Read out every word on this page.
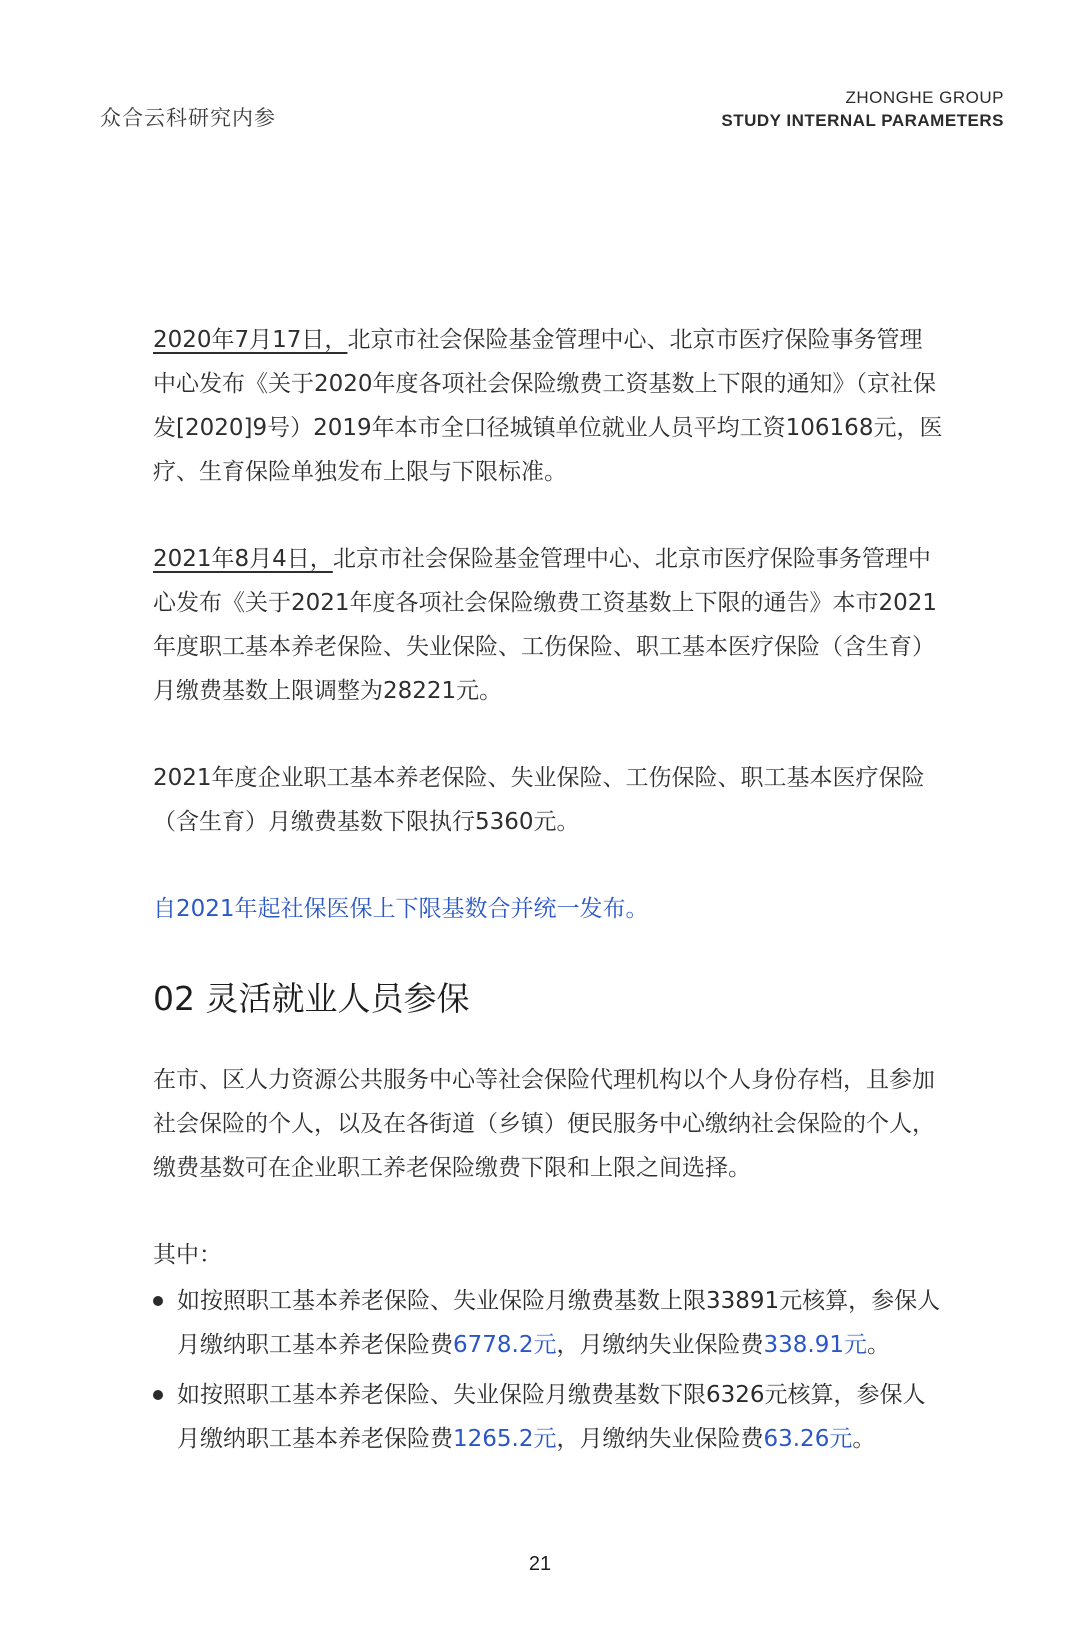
众合云科研究内参
ZHONGHE GROUP
STUDY INTERNAL PARAMETERS

2020年7月17日，北京市社会保险基金管理中心、北京市医疗保险事务管理中心发布《关于2020年度各项社会保险缴费工资基数上下限的通知》（京社保发[2020]9号）2019年本市全口径城镇单位就业人员平均工资106168元，医疗、生育保险单独发布上限与下限标准。

2021年8月4日，北京市社会保险基金管理中心、北京市医疗保险事务管理中心发布《关于2021年度各项社会保险缴费工资基数上下限的通告》本市2021年度职工基本养老保险、失业保险、工伤保险、职工基本医疗保险（含生育）月缴费基数上限调整为28221元。

2021年度企业职工基本养老保险、失业保险、工伤保险、职工基本医疗保险（含生育）月缴费基数下限执行5360元。

自2021年起社保医保上下限基数合并统一发布。

02 灵活就业人员参保

在市、区人力资源公共服务中心等社会保险代理机构以个人身份存档，且参加社会保险的个人，以及在各街道（乡镇）便民服务中心缴纳社会保险的个人，缴费基数可在企业职工养老保险缴费下限和上限之间选择。

其中：
如按照职工基本养老保险、失业保险月缴费基数上限33891元核算，参保人月缴纳职工基本养老保险费6778.2元，月缴纳失业保险费338.91元。
如按照职工基本养老保险、失业保险月缴费基数下限6326元核算，参保人月缴纳职工基本养老保险费1265.2元，月缴纳失业保险费63.26元。
21
